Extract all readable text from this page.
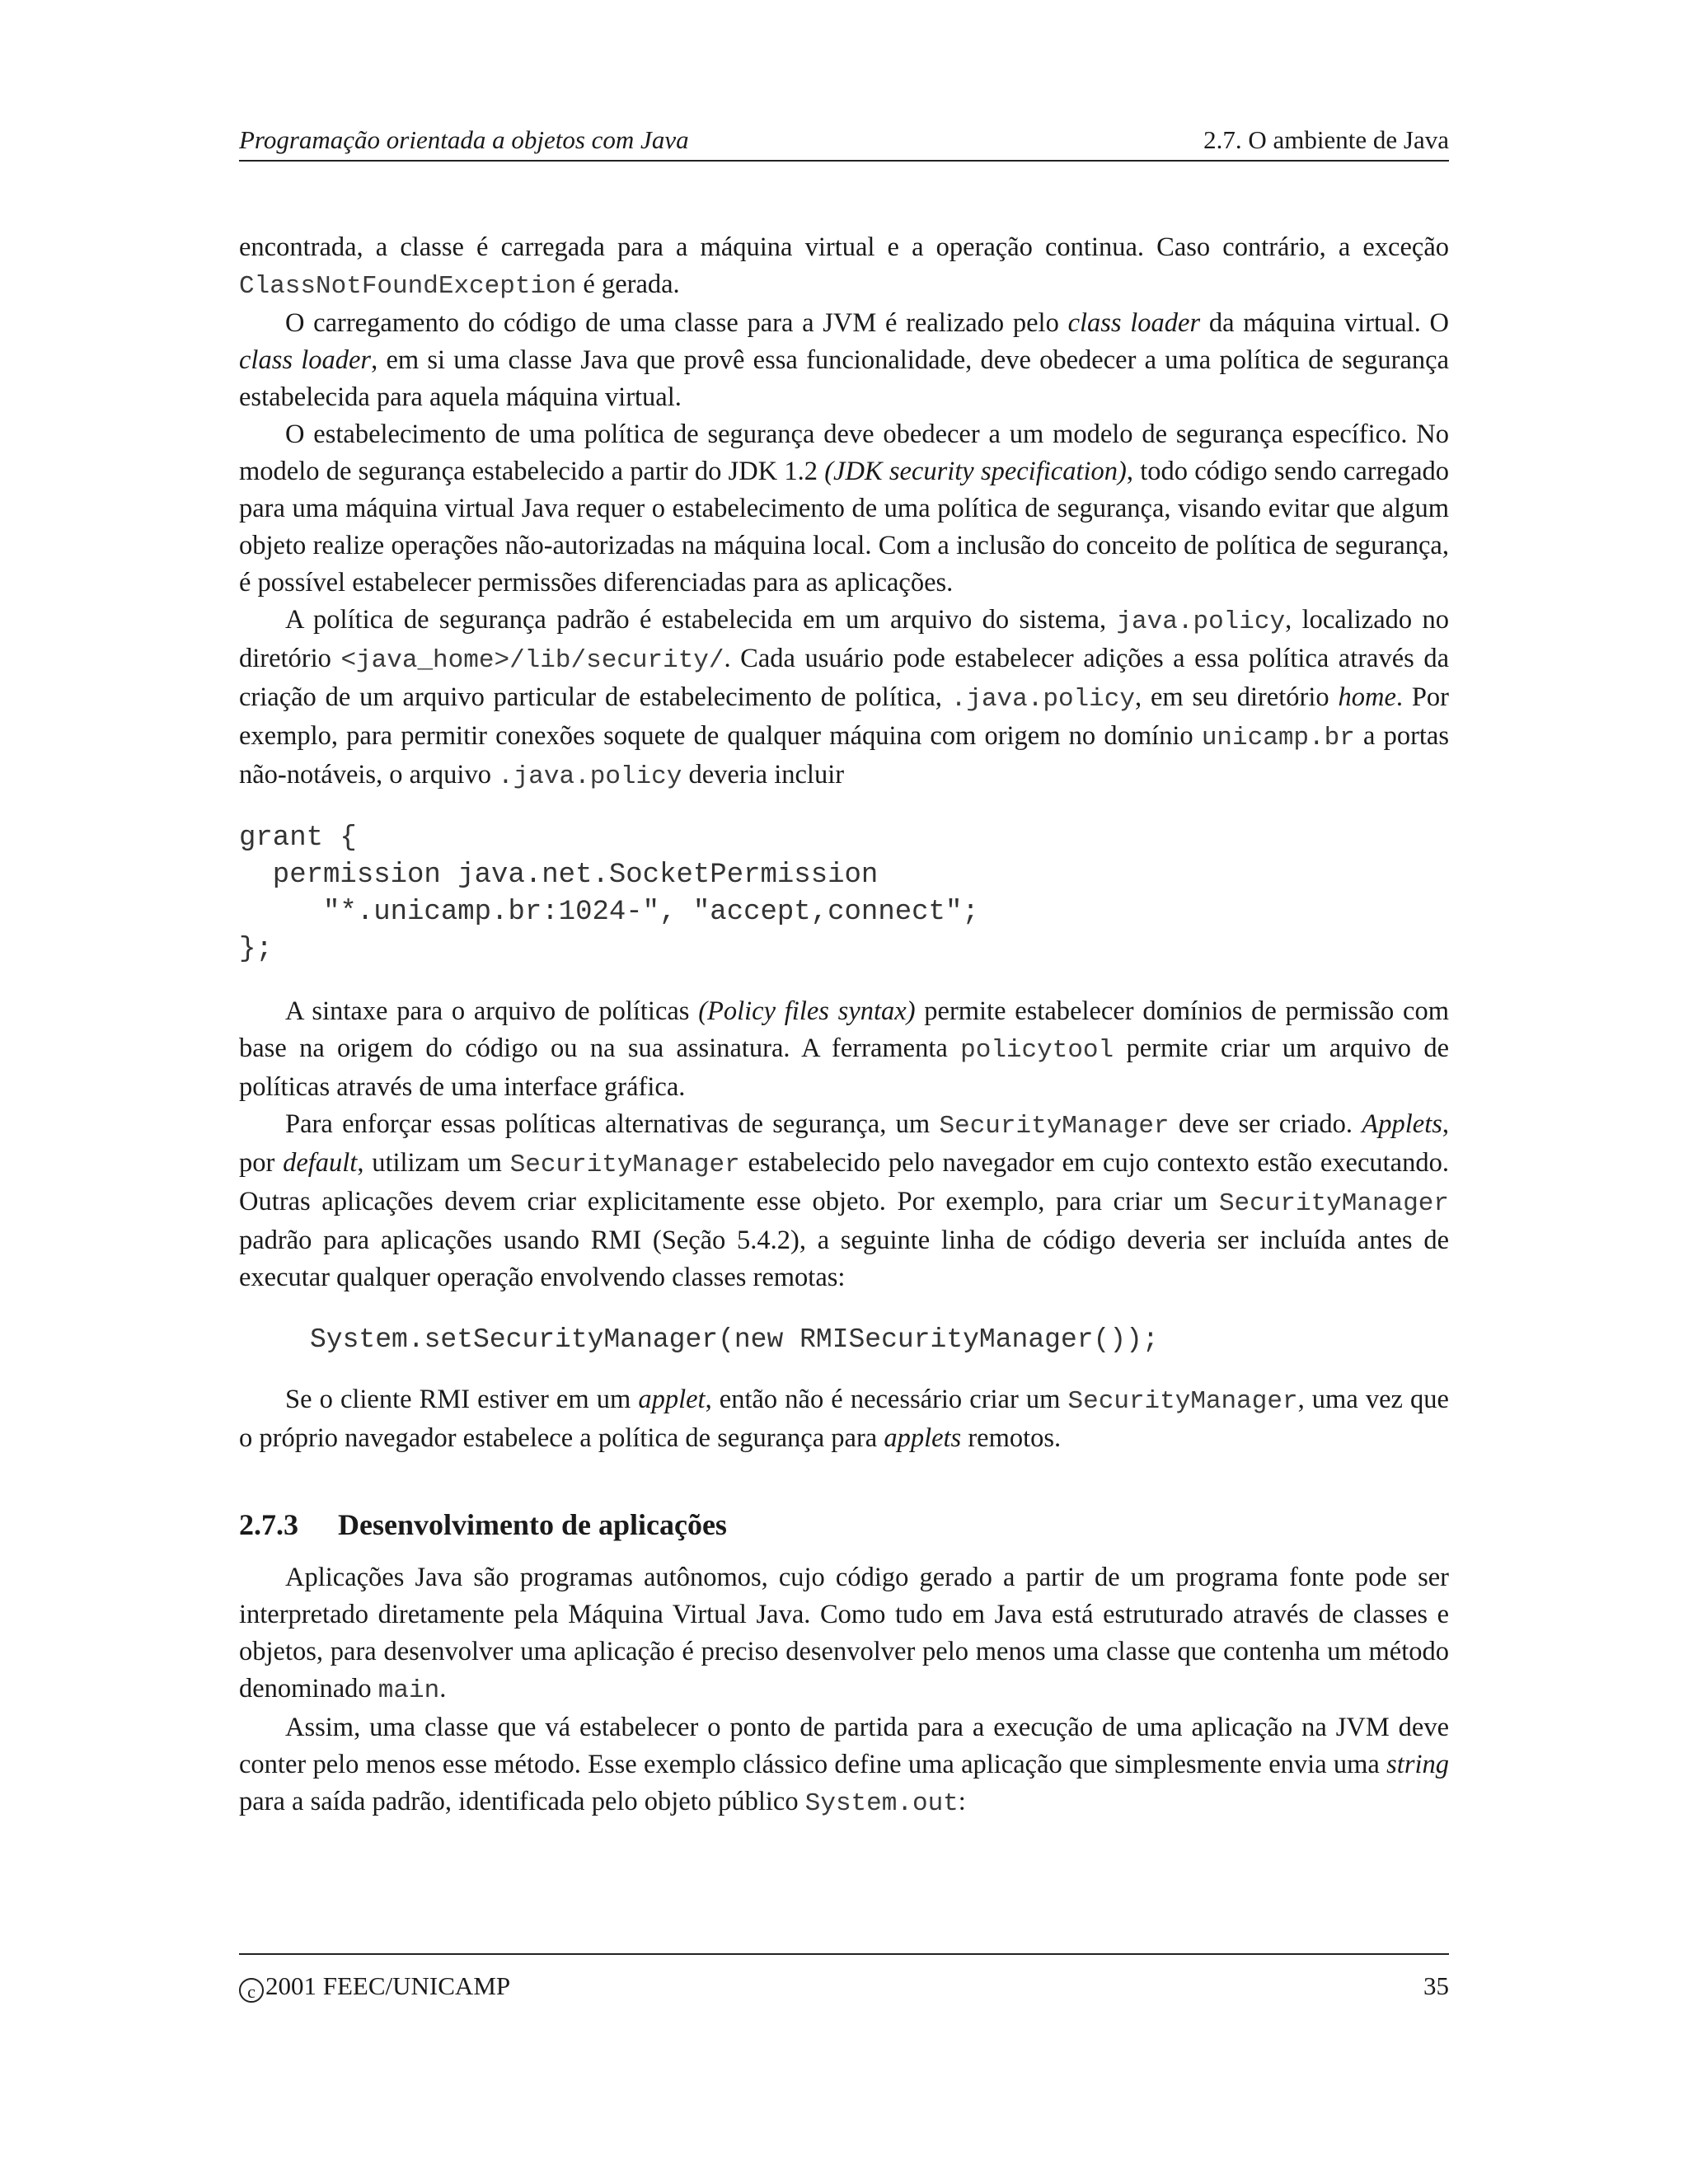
Programação orientada a objetos com Java	2.7. O ambiente de Java

encontrada, a classe é carregada para a máquina virtual e a operação continua. Caso contrário, a exceção ClassNotFoundException é gerada.

O carregamento do código de uma classe para a JVM é realizado pelo class loader da máquina virtual. O class loader, em si uma classe Java que provê essa funcionalidade, deve obedecer a uma política de segurança estabelecida para aquela máquina virtual.

O estabelecimento de uma política de segurança deve obedecer a um modelo de segurança específico. No modelo de segurança estabelecido a partir do JDK 1.2 (JDK security specification), todo código sendo carregado para uma máquina virtual Java requer o estabelecimento de uma política de segurança, visando evitar que algum objeto realize operações não-autorizadas na máquina local. Com a inclusão do conceito de política de segurança, é possível estabelecer permissões diferenciadas para as aplicações.

A política de segurança padrão é estabelecida em um arquivo do sistema, java.policy, localizado no diretório <java_home>/lib/security/. Cada usuário pode estabelecer adições a essa política através da criação de um arquivo particular de estabelecimento de política, .java.policy, em seu diretório home. Por exemplo, para permitir conexões soquete de qualquer máquina com origem no domínio unicamp.br a portas não-notáveis, o arquivo .java.policy deveria incluir

grant {
permission java.net.SocketPermission
"*.unicamp.br:1024-", "accept,connect";
};

A sintaxe para o arquivo de políticas (Policy files syntax) permite estabelecer domínios de permissão com base na origem do código ou na sua assinatura. A ferramenta policytool permite criar um arquivo de políticas através de uma interface gráfica.

Para enforçar essas políticas alternativas de segurança, um SecurityManager deve ser criado. Applets, por default, utilizam um SecurityManager estabelecido pelo navegador em cujo contexto estão executando. Outras aplicações devem criar explicitamente esse objeto. Por exemplo, para criar um SecurityManager padrão para aplicações usando RMI (Seção 5.4.2), a seguinte linha de código deveria ser incluída antes de executar qualquer operação envolvendo classes remotas:

System.setSecurityManager(new RMISecurityManager());

Se o cliente RMI estiver em um applet, então não é necessário criar um SecurityManager, uma vez que o próprio navegador estabelece a política de segurança para applets remotos.

2.7.3 Desenvolvimento de aplicações

Aplicações Java são programas autônomos, cujo código gerado a partir de um programa fonte pode ser interpretado diretamente pela Máquina Virtual Java. Como tudo em Java está estruturado através de classes e objetos, para desenvolver uma aplicação é preciso desenvolver pelo menos uma classe que contenha um método denominado main.

Assim, uma classe que vá estabelecer o ponto de partida para a execução de uma aplicação na JVM deve conter pelo menos esse método. Esse exemplo clássico define uma aplicação que simplesmente envia uma string para a saída padrão, identificada pelo objeto público System.out:

c 2001 FEEC/UNICAMP	35
